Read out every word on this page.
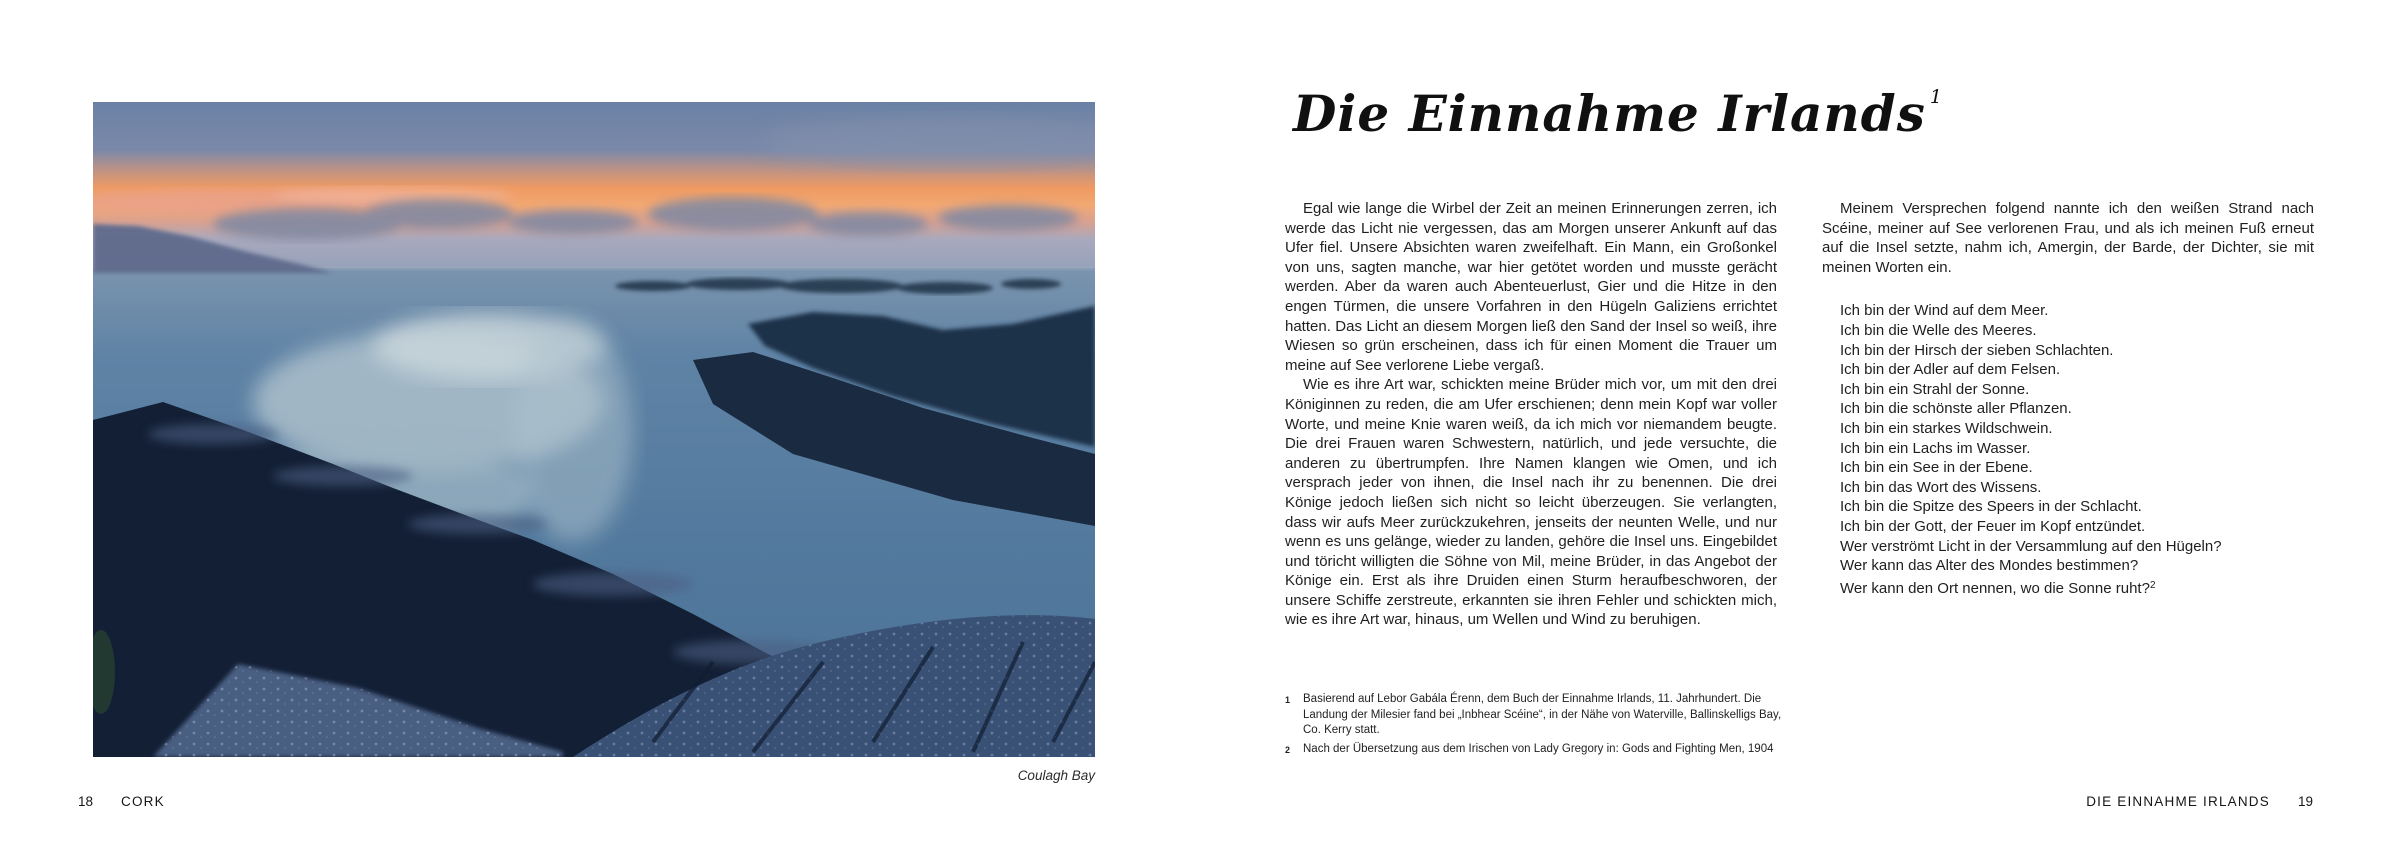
Coulagh Bay
18 CORK
Die Einnahme Irlands $^1$

Egal wie lange die Wirbel der Zeit an meinen Erinnerungen zerren, ich werde das Licht nie vergessen, das am Morgen unserer Ankunft auf das Ufer fiel. Unsere Absichten waren zweifelhaft. Ein Mann, ein Großonkel von uns, sagten manche, war hier getötet worden und musste gerächt werden. Aber da waren auch Abenteuerlust, Gier und die Hitze in den engen Türmen, die unsere Vorfahren in den Hügeln Galiziens errichtet hatten. Das Licht an diesem Morgen ließ den Sand der Insel so weiß, ihre Wiesen so grün erscheinen, dass ich für einen Moment die Trauer um meine auf See verlorene Liebe vergaß.

Wie es ihre Art war, schickten meine Brüder mich vor, um mit den drei Königinnen zu reden, die am Ufer erschienen; denn mein Kopf war voller Worte, und meine Knie waren weiß, da ich mich vor niemandem beugte. Die drei Frauen waren Schwestern, natürlich, und jede versuchte, die anderen zu übertrumpfen. Ihre Namen klangen wie Omen, und ich versprach jeder von ihnen, die Insel nach ihr zu benennen. Die drei Könige jedoch ließen sich nicht so leicht überzeugen. Sie verlangten, dass wir aufs Meer zurückzukehren, jenseits der neunten Welle, und nur wenn es uns gelänge, wieder zu landen, gehöre die Insel uns. Eingebildet und töricht willigten die Söhne von Mil, meine Brüder, in das Angebot der Könige ein. Erst als ihre Druiden einen Sturm heraufbeschworen, der unsere Schiffe zerstreute, erkannten sie ihren Fehler und schickten mich, wie es ihre Art war, hinaus, um Wellen und Wind zu beruhigen.

Meinem Versprechen folgend nannte ich den weißen Strand nach Scéine, meiner auf See verlorenen Frau, und als ich meinen Fuß erneut auf die Insel setzte, nahm ich, Amergin, der Barde, der Dichter, sie mit meinen Worten ein.

Ich bin der Wind auf dem Meer.
Ich bin die Welle des Meeres.
Ich bin der Hirsch der sieben Schlachten.
Ich bin der Adler auf dem Felsen.
Ich bin ein Strahl der Sonne.
Ich bin die schönste aller Pflanzen.
Ich bin ein starkes Wildschwein.
Ich bin ein Lachs im Wasser.
Ich bin ein See in der Ebene.
Ich bin das Wort des Wissens.
Ich bin die Spitze des Speers in der Schlacht.
Ich bin der Gott, der Feuer im Kopf entzündet.
Wer verströmt Licht in der Versammlung auf den Hügeln?
Wer kann das Alter des Mondes bestimmen?
Wer kann den Ort nennen, wo die Sonne ruht?$^2$
1	Basierend auf Lebor Gabála Érenn, dem Buch der Einnahme Irlands, 11. Jahrhundert. Die Landung der Milesier fand bei „Inbhear Scéine“, in der Nähe von Waterville, Ballinskelligs Bay, Co. Kerry statt.
2	Nach der Übersetzung aus dem Irischen von Lady Gregory in: Gods and Fighting Men, 1904
DIE EINNAHME IRLANDS 19
